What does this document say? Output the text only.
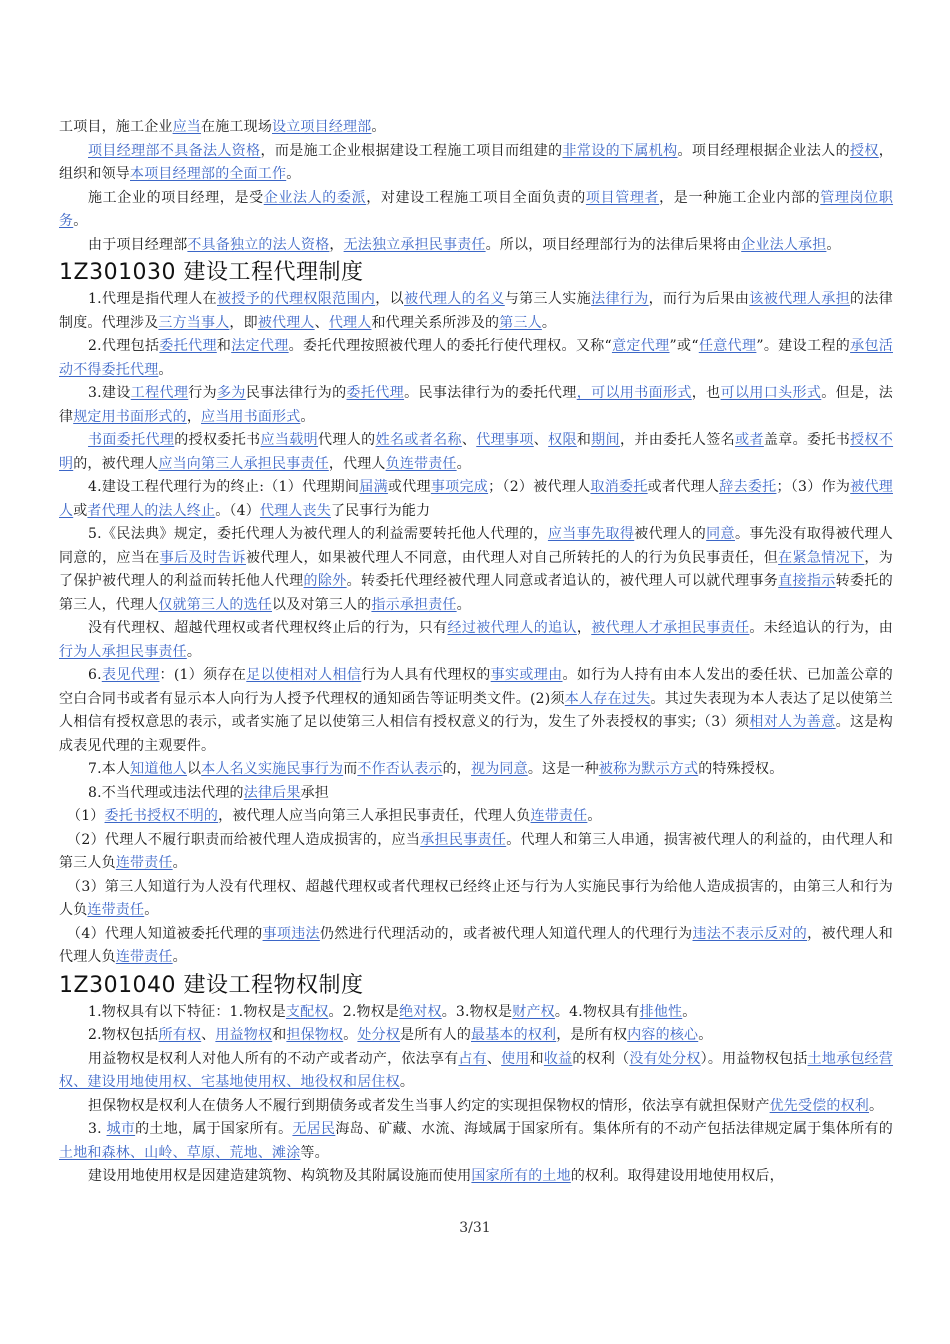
工项目，施工企业应当在施工现场设立项目经理部。

项目经理部不具备法人资格，而是施工企业根据建设工程施工项目而组建的非常设的下属机构。项目经理根据企业法人的授权，组织和领导本项目经理部的全面工作。

施工企业的项目经理，是受企业法人的委派，对建设工程施工项目全面负责的项目管理者，是一种施工企业内部的管理岗位职务。

由于项目经理部不具备独立的法人资格，无法独立承担民事责任。所以，项目经理部行为的法律后果将由企业法人承担。

1Z301030 建设工程代理制度

1.代理是指代理人在被授予的代理权限范围内，以被代理人的名义与第三人实施法律行为，而行为后果由该被代理人承担的法律制度。代理涉及三方当事人，即被代理人、代理人和代理关系所涉及的第三人。

2.代理包括委托代理和法定代理。委托代理按照被代理人的委托行使代理权。又称“意定代理”或“任意代理”。建设工程的承包活动不得委托代理。

3.建设工程代理行为多为民事法律行为的委托代理。民事法律行为的委托代理，可以用书面形式，也可以用口头形式。但是，法律规定用书面形式的，应当用书面形式。

书面委托代理的授权委托书应当载明代理人的姓名或者名称、代理事项、权限和期间，并由委托人签名或者盖章。委托书授权不明的，被代理人应当向第三人承担民事责任，代理人负连带责任。

4.建设工程代理行为的终止:（1）代理期间届满或代理事项完成；（2）被代理人取消委托或者代理人辞去委托；（3）作为被代理人或者代理人的法人终止。（4）代理人丧失了民事行为能力

5.《民法典》规定，委托代理人为被代理人的利益需要转托他人代理的，应当事先取得被代理人的同意。事先没有取得被代理人同意的，应当在事后及时告诉被代理人，如果被代理人不同意，由代理人对自己所转托的人的行为负民事责任，但在紧急情况下，为了保护被代理人的利益而转托他人代理的除外。转委托代理经被代理人同意或者追认的，被代理人可以就代理事务直接指示转委托的第三人，代理人仅就第三人的选任以及对第三人的指示承担责任。

没有代理权、超越代理权或者代理权终止后的行为，只有经过被代理人的追认，被代理人才承担民事责任。未经追认的行为，由行为人承担民事责任。

6.表见代理：(1）须存在足以使相对人相信行为人具有代理权的事实或理由。如行为人持有由本人发出的委任状、已加盖公章的空白合同书或者有显示本人向行为人授予代理权的通知函告等证明类文件。(2)须本人存在过失。其过失表现为本人表达了足以使第兰人相信有授权意思的表示，或者实施了足以使第三人相信有授权意义的行为，发生了外表授权的事实;（3）须相对人为善意。这是构成表见代理的主观要件。

7.本人知道他人以本人名义实施民事行为而不作否认表示的，视为同意。这是一种被称为默示方式的特殊授权。

8.不当代理或违法代理的法律后果承担

（1）委托书授权不明的，被代理人应当向第三人承担民事责任，代理人负连带责任。

（2）代理人不履行职责而给被代理人造成损害的，应当承担民事责任。代理人和第三人串通，损害被代理人的利益的，由代理人和第三人负连带责任。

（3）第三人知道行为人没有代理权、超越代理权或者代理权已经终止还与行为人实施民事行为给他人造成损害的，由第三人和行为人负连带责任。

（4）代理人知道被委托代理的事项违法仍然进行代理活动的，或者被代理人知道代理人的代理行为违法不表示反对的，被代理人和代理人负连带责任。

1Z301040 建设工程物权制度

1.物权具有以下特征：1.物权是支配权。2.物权是绝对权。3.物权是财产权。4.物权具有排他性。

2.物权包括所有权、用益物权和担保物权。处分权是所有人的最基本的权利，是所有权内容的核心。

用益物权是权利人对他人所有的不动产或者动产，依法享有占有、使用和收益的权利（没有处分权）。用益物权包括土地承包经营权、建设用地使用权、宅基地使用权、地役权和居住权。

担保物权是权利人在债务人不履行到期债务或者发生当事人约定的实现担保物权的情形，依法享有就担保财产优先受偿的权利。

3. 城市的土地，属于国家所有。无居民海岛、矿藏、水流、海域属于国家所有。集体所有的不动产包括法律规定属于集体所有的土地和森林、山岭、草原、荒地、滩涂等。

建设用地使用权是因建造建筑物、构筑物及其附属设施而使用国家所有的土地的权利。取得建设用地使用权后，

3/31
